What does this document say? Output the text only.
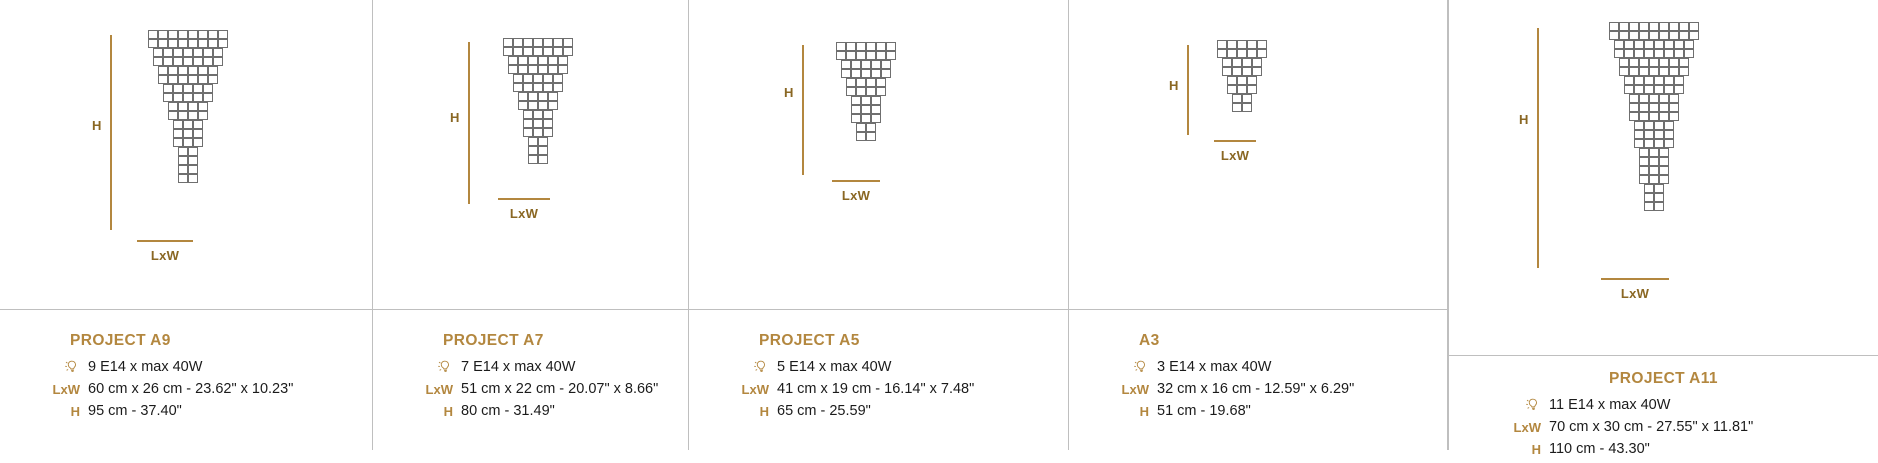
H
LxW
PROJECT A9
9 E14 x max 40W
LxW 60 cm x 26 cm - 23.62" x 10.23"
H 95 cm - 37.40"
H
LxW
PROJECT A7
7 E14 x max 40W
LxW 51 cm x 22 cm - 20.07" x 8.66"
H 80 cm - 31.49"
H
LxW
PROJECT A5
5 E14 x max 40W
LxW 41 cm x 19 cm - 16.14" x 7.48"
H 65 cm - 25.59"
H
LxW
A3
3 E14 x max 40W
LxW 32 cm x 16 cm - 12.59" x 6.29"
H 51 cm - 19.68"
H
LxW
PROJECT A11
11 E14 x max 40W
LxW 70 cm x 30 cm - 27.55" x 11.81"
H 110 cm - 43.30"
